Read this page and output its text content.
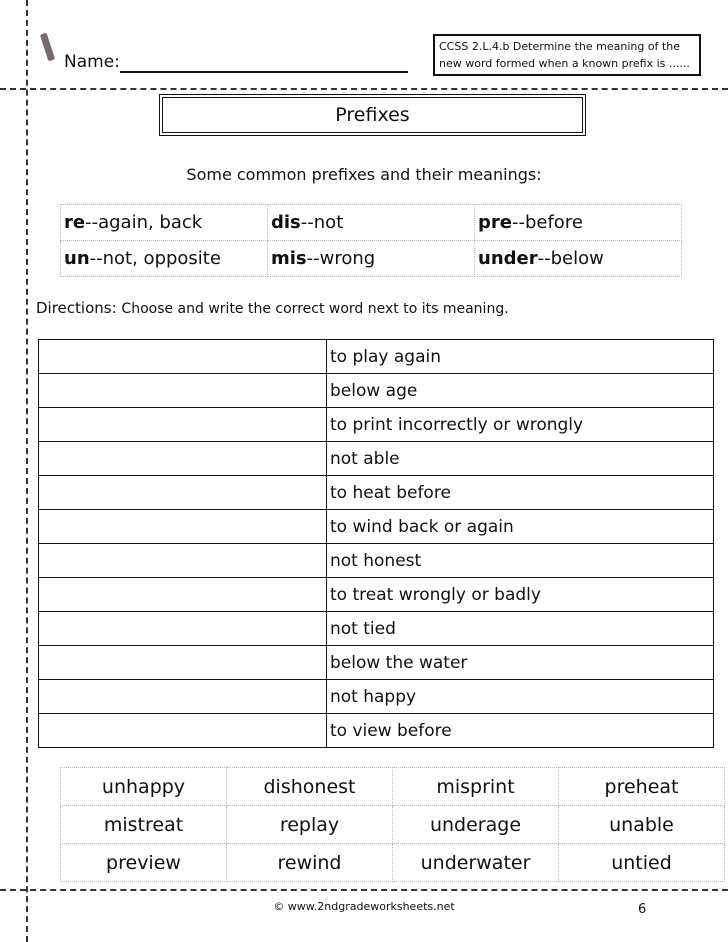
Name:
CCSS 2.L.4.b Determine the meaning of the new word formed when a known prefix is ......
Prefixes
Some common prefixes and their meanings:
re--again, back	dis--not	pre--before
un--not, opposite	mis--wrong	under--below
Directions: Choose and write the correct word next to its meaning.
	to play again
	below age
	to print incorrectly or wrongly
	not able
	to heat before
	to wind back or again
	not honest
	to treat wrongly or badly
	not tied
	below the water
	not happy
	to view before
unhappy	dishonest	misprint	preheat
mistreat	replay	underage	unable
preview	rewind	underwater	untied
© www.2ndgradeworksheets.net	6
